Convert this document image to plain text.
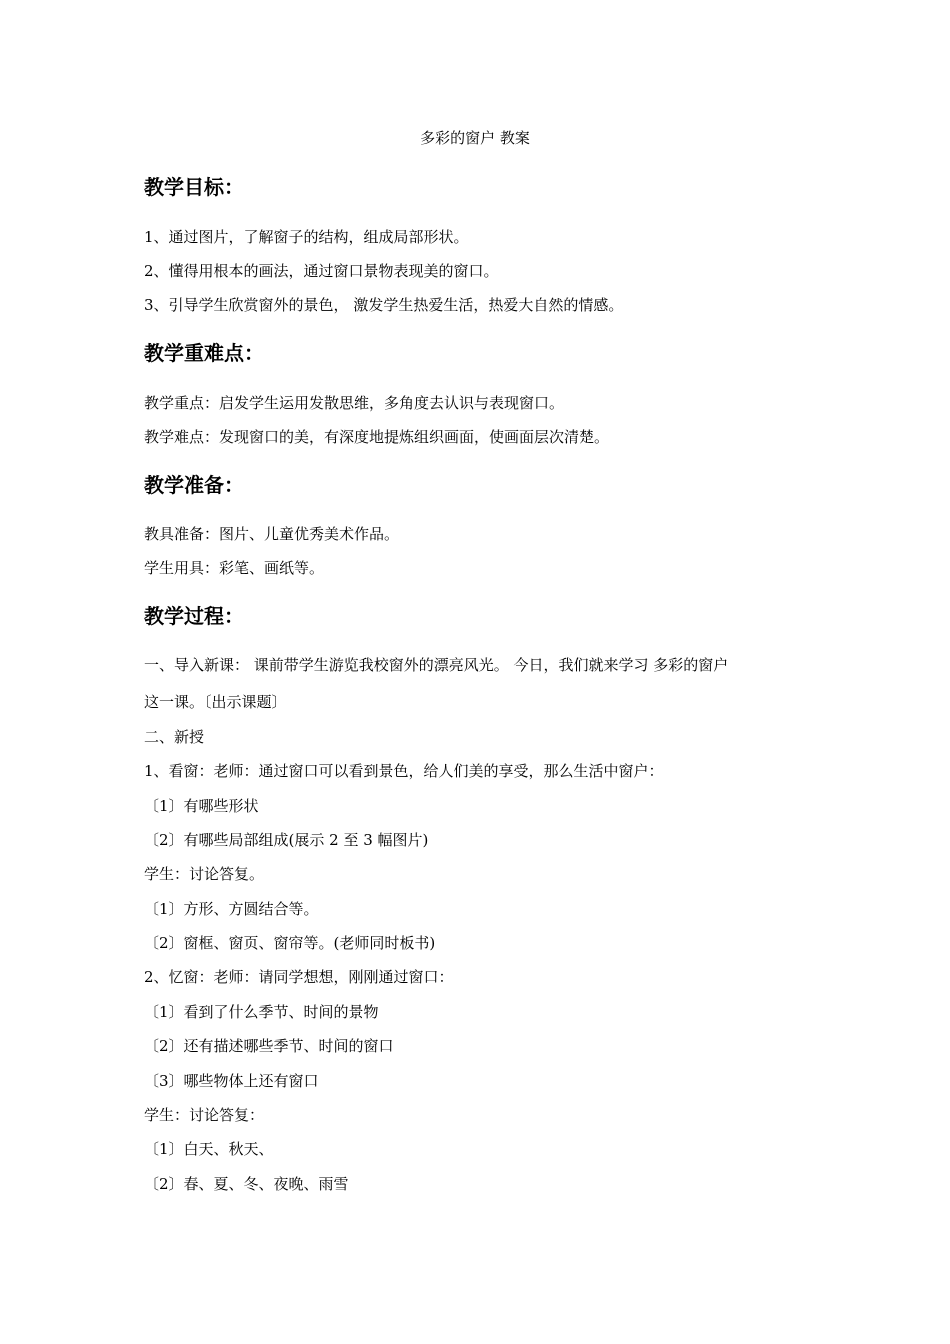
多彩的窗户 教案

教学目标：

1、通过图片，了解窗子的结构，组成局部形状。

2、懂得用根本的画法，通过窗口景物表现美的窗口。

3、引导学生欣赏窗外的景色， 激发学生热爱生活，热爱大自然的情感。

教学重难点：

教学重点：启发学生运用发散思维，多角度去认识与表现窗口。

教学难点：发现窗口的美，有深度地提炼组织画面，使画面层次清楚。

教学准备：

教具准备：图片、儿童优秀美术作品。

学生用具：彩笔、画纸等。

教学过程：

一、导入新课： 课前带学生游览我校窗外的漂亮风光。 今日，我们就来学习 多彩的窗户

这一课。〔出示课题〕

二、新授

1、看窗：老师：通过窗口可以看到景色，给人们美的享受，那么生活中窗户：

〔1〕有哪些形状

〔2〕有哪些局部组成(展示 2 至 3 幅图片)

学生：讨论答复。

〔1〕方形、方圆结合等。

〔2〕窗框、窗页、窗帘等。(老师同时板书)

2、忆窗：老师：请同学想想，刚刚通过窗口：

〔1〕看到了什么季节、时间的景物

〔2〕还有描述哪些季节、时间的窗口

〔3〕哪些物体上还有窗口

学生：讨论答复：

〔1〕白天、秋天、

〔2〕春、夏、冬、夜晚、雨雪
